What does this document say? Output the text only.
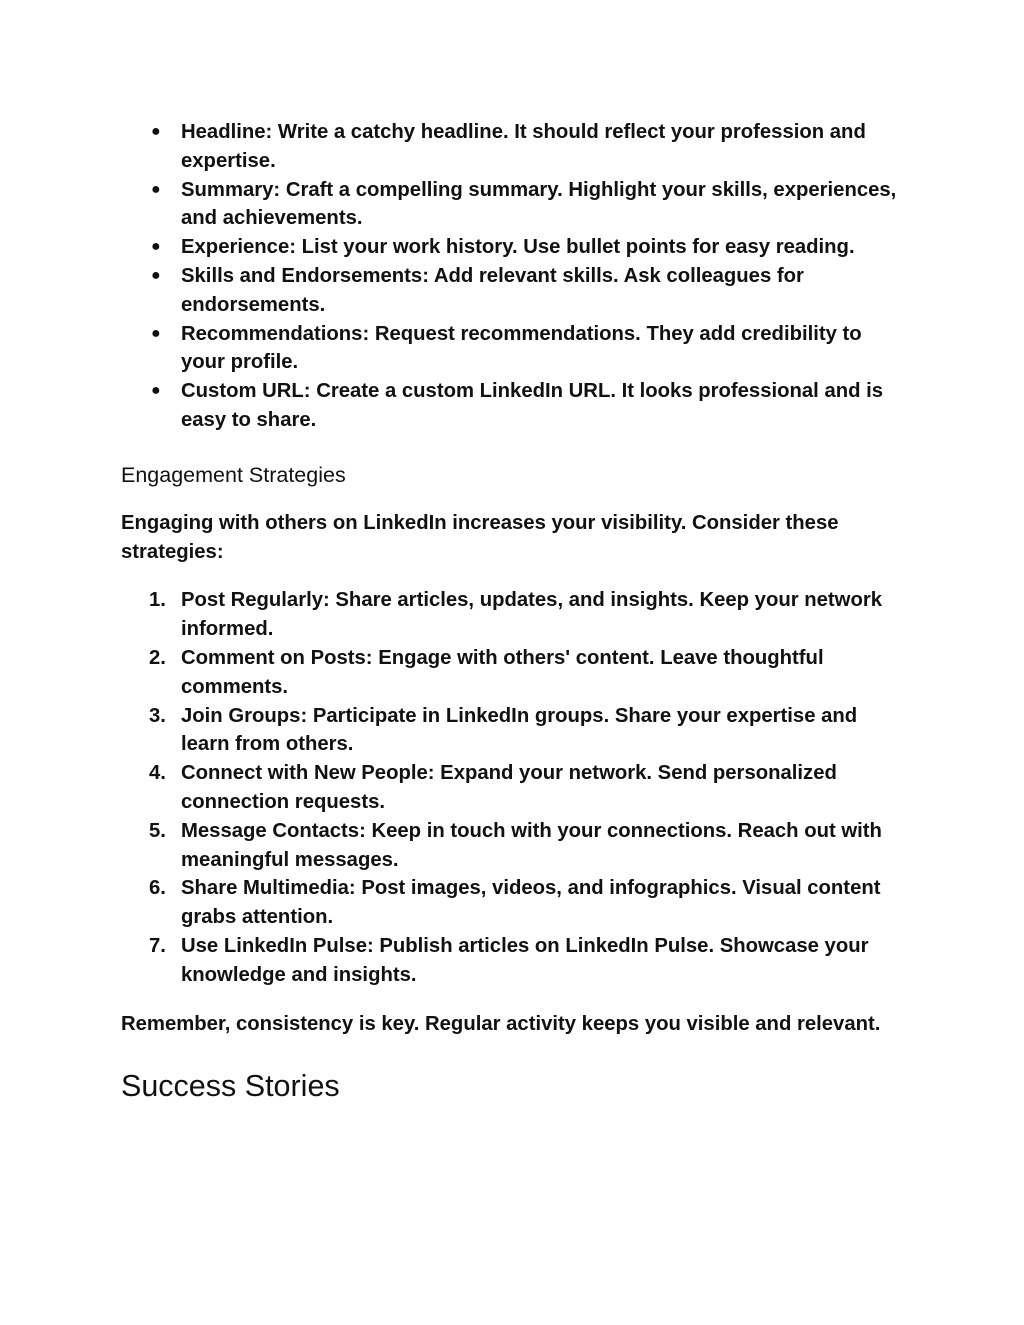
●	Headline: Write a catchy headline. It should reflect your profession and expertise.
●	Summary: Craft a compelling summary. Highlight your skills, experiences, and achievements.
●	Experience: List your work history. Use bullet points for easy reading.
●	Skills and Endorsements: Add relevant skills. Ask colleagues for endorsements.
●	Recommendations: Request recommendations. They add credibility to your profile.
●	Custom URL: Create a custom LinkedIn URL. It looks professional and is easy to share.
Engagement Strategies

Engaging with others on LinkedIn increases your visibility. Consider these strategies:

1. Post Regularly: Share articles, updates, and insights. Keep your network informed.
2. Comment on Posts: Engage with others' content. Leave thoughtful comments.
3. Join Groups: Participate in LinkedIn groups. Share your expertise and learn from others.
4. Connect with New People: Expand your network. Send personalized connection requests.
5. Message Contacts: Keep in touch with your connections. Reach out with meaningful messages.
6. Share Multimedia: Post images, videos, and infographics. Visual content grabs attention.
7. Use LinkedIn Pulse: Publish articles on LinkedIn Pulse. Showcase your knowledge and insights.

Remember, consistency is key. Regular activity keeps you visible and relevant.

Success Stories
